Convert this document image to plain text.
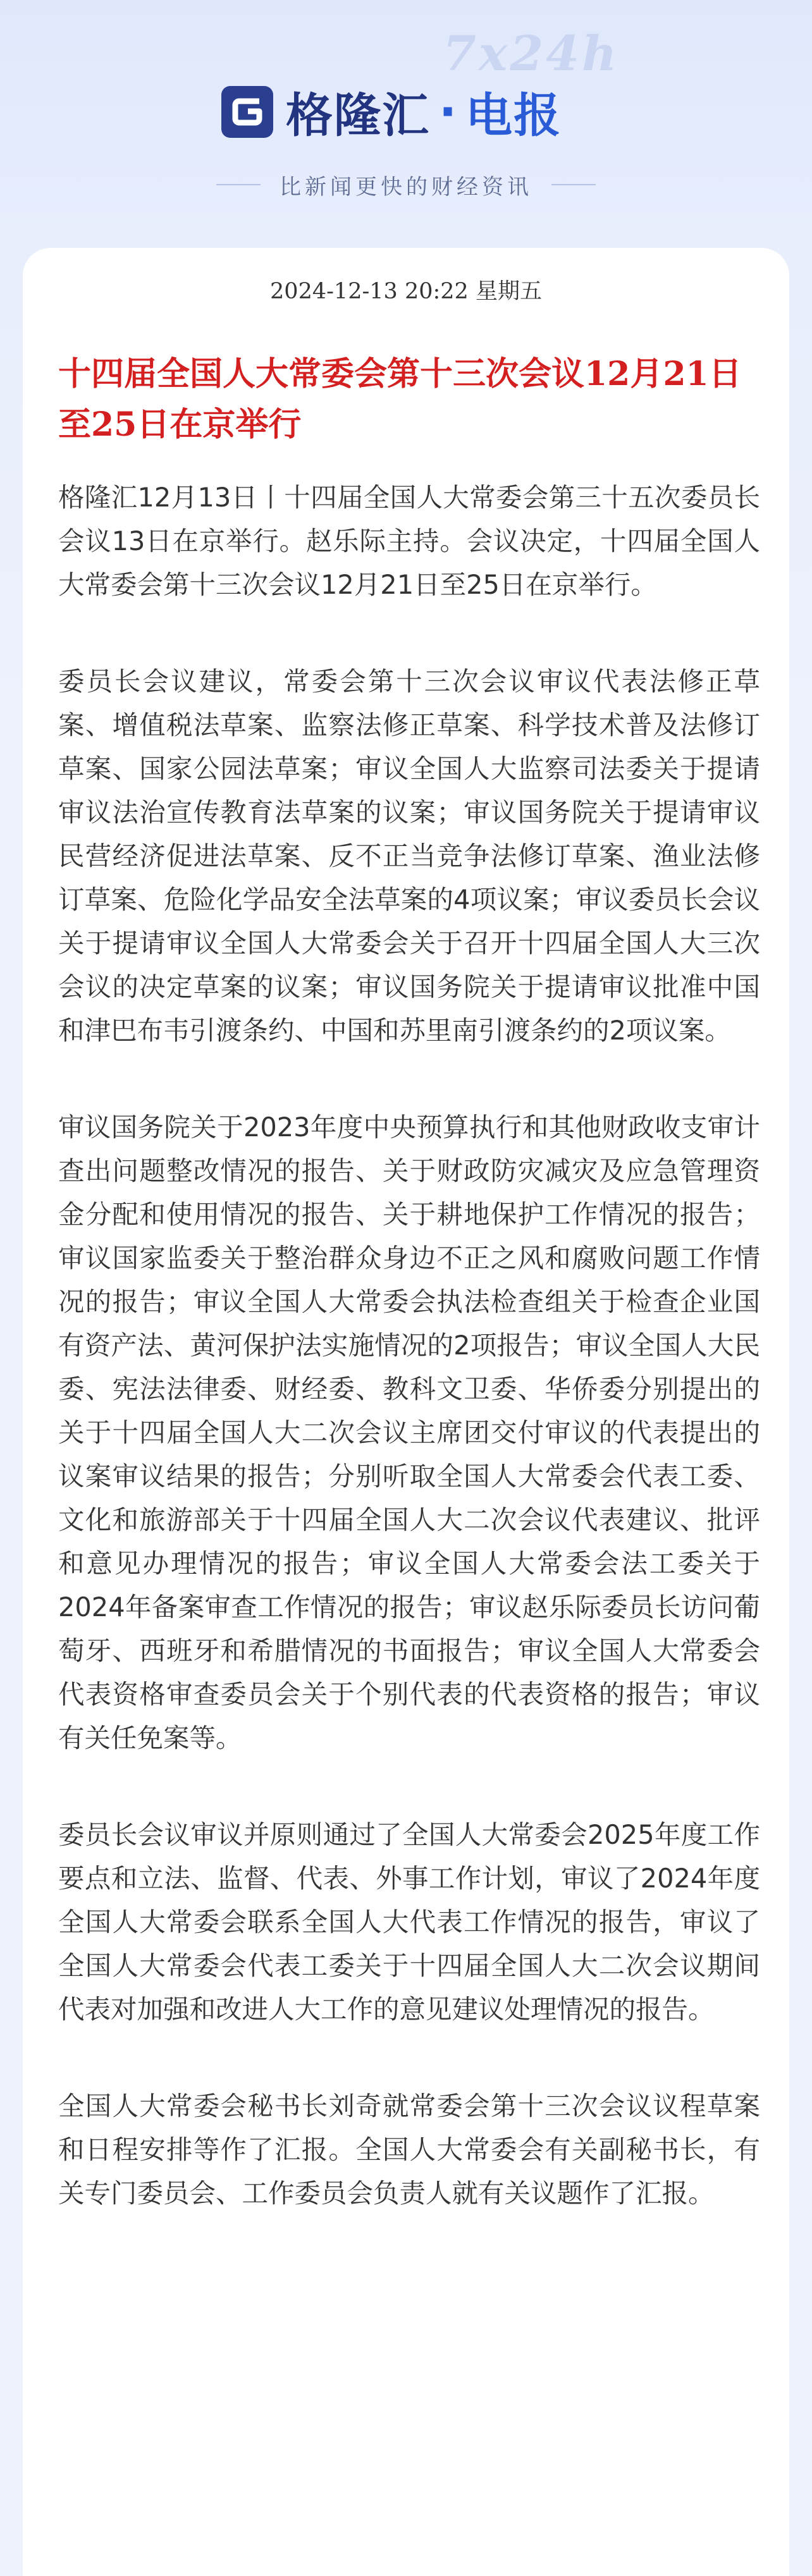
7x24h
格隆汇 · 电报
比新闻更快的财经资讯
2024-12-13 20:22 星期五
十四届全国人大常委会第十三次会议12月21日至25日在京举行

格隆汇12月13日丨十四届全国人大常委会第三十五次委员长会议13日在京举行。赵乐际主持。会议决定，十四届全国人大常委会第十三次会议12月21日至25日在京举行。

委员长会议建议，常委会第十三次会议审议代表法修正草案、增值税法草案、监察法修正草案、科学技术普及法修订草案、国家公园法草案；审议全国人大监察司法委关于提请审议法治宣传教育法草案的议案；审议国务院关于提请审议民营经济促进法草案、反不正当竞争法修订草案、渔业法修订草案、危险化学品安全法草案的4项议案；审议委员长会议关于提请审议全国人大常委会关于召开十四届全国人大三次会议的决定草案的议案；审议国务院关于提请审议批准中国和津巴布韦引渡条约、中国和苏里南引渡条约的2项议案。

审议国务院关于2023年度中央预算执行和其他财政收支审计查出问题整改情况的报告、关于财政防灾减灾及应急管理资金分配和使用情况的报告、关于耕地保护工作情况的报告；审议国家监委关于整治群众身边不正之风和腐败问题工作情况的报告；审议全国人大常委会执法检查组关于检查企业国有资产法、黄河保护法实施情况的2项报告；审议全国人大民委、宪法法律委、财经委、教科文卫委、华侨委分别提出的关于十四届全国人大二次会议主席团交付审议的代表提出的议案审议结果的报告；分别听取全国人大常委会代表工委、文化和旅游部关于十四届全国人大二次会议代表建议、批评和意见办理情况的报告；审议全国人大常委会法工委关于2024年备案审查工作情况的报告；审议赵乐际委员长访问葡萄牙、西班牙和希腊情况的书面报告；审议全国人大常委会代表资格审查委员会关于个别代表的代表资格的报告；审议有关任免案等。

委员长会议审议并原则通过了全国人大常委会2025年度工作要点和立法、监督、代表、外事工作计划，审议了2024年度全国人大常委会联系全国人大代表工作情况的报告，审议了全国人大常委会代表工委关于十四届全国人大二次会议期间代表对加强和改进人大工作的意见建议处理情况的报告。

全国人大常委会秘书长刘奇就常委会第十三次会议议程草案和日程安排等作了汇报。全国人大常委会有关副秘书长，有关专门委员会、工作委员会负责人就有关议题作了汇报。
